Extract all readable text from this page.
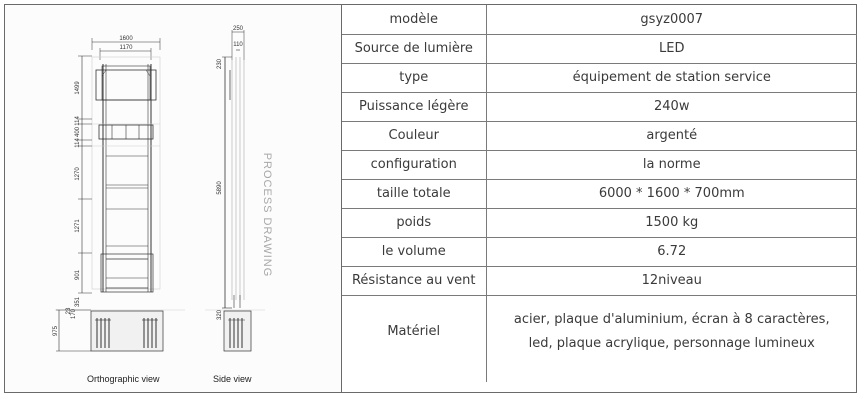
1600
1170
1499
114
400
114
1270
1271
901
351
23 170
975
250
110
230
5890
320
Orthographic view	Side view
PROCESS DRAWING
modèle	gsyz0007
Source de lumière	LED
type	équipement de station service
Puissance légère	240w
Couleur	argenté
configuration	la norme
taille totale	6000 * 1600 * 700mm
poids	1500 kg
le volume	6.72
Résistance au vent	12niveau
Matériel	acier, plaque d'aluminium, écran à 8 caractères,
led, plaque acrylique, personnage lumineux
